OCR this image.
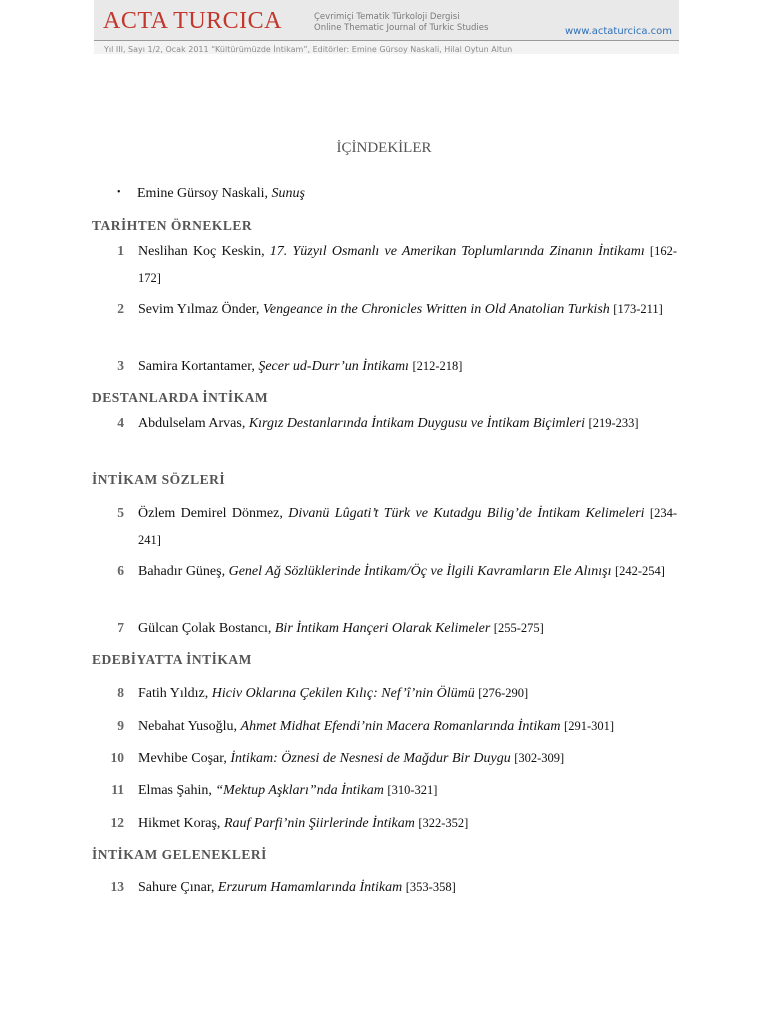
ACTA TURCICA	Çevrimiçi Tematik Türkoloji Dergisi
Online Thematic Journal of Turkic Studies	www.actaturcica.com
Yıl III, Sayı 1/2, Ocak 2011 “Kültürümüzde İntikam”, Editörler: Emine Gürsoy Naskali, Hilal Oytun Altun
İÇİNDEKİLER
• Emine Gürsoy Naskali, Sunuş
TARİHTEN ÖRNEKLER
1 Neslihan Koç Keskin, 17. Yüzyıl Osmanlı ve Amerikan Toplumlarında Zinanın İntikamı [162-172]
2 Sevim Yılmaz Önder, Vengeance in the Chronicles Written in Old Anatolian Turkish [173-211]
3 Samira Kortantamer, Şecer ud-Durr’un İntikamı [212-218]
DESTANLARDA İNTİKAM
4 Abdulselam Arvas, Kırgız Destanlarında İntikam Duygusu ve İntikam Biçimleri [219-233]
İNTİKAM SÖZLERİ
5 Özlem Demirel Dönmez, Divanü Lûgati’t Türk ve Kutadgu Bilig’de İntikam Kelimeleri [234-241]
6 Bahadır Güneş, Genel Ağ Sözlüklerinde İntikam/Öç ve İlgili Kavramların Ele Alınışı [242-254]
7 Gülcan Çolak Bostancı, Bir İntikam Hançeri Olarak Kelimeler [255-275]
EDEBİYATTA İNTİKAM
8 Fatih Yıldız, Hiciv Oklarına Çekilen Kılıç: Nef’î’nin Ölümü [276-290]
9 Nebahat Yusoğlu, Ahmet Midhat Efendi’nin Macera Romanlarında İntikam [291-301]
10 Mevhibe Coşar, İntikam: Öznesi de Nesnesi de Mağdur Bir Duygu [302-309]
11 Elmas Şahin, “Mektup Aşkları”nda İntikam [310-321]
12 Hikmet Koraş, Rauf Parfi’nin Şiirlerinde İntikam [322-352]
İNTİKAM GELENEKLERİ
13 Sahure Çınar, Erzurum Hamamlarında İntikam [353-358]
